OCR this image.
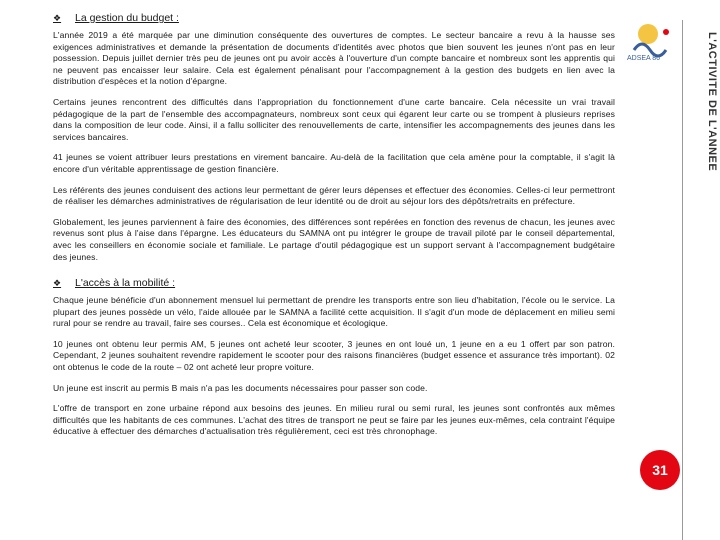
❖	La gestion du budget :

L'année 2019 a été marquée par une diminution conséquente des ouvertures de comptes. Le secteur bancaire a revu à la hausse ses exigences administratives et demande la présentation de documents d'identités avec photos que bien souvent les jeunes n'ont pas en leur possession. Depuis juillet dernier très peu de jeunes ont pu avoir accès à l'ouverture d'un compte bancaire et nombreux sont les apprentis qui ne peuvent pas encaisser leur salaire. Cela est également pénalisant pour l'accompagnement à la gestion des budgets en lien avec la distribution d'espèces et la notion d'épargne.

Certains jeunes rencontrent des difficultés dans l'appropriation du fonctionnement d'une carte bancaire. Cela nécessite un vrai travail pédagogique de la part de l'ensemble des accompagnateurs, nombreux sont ceux qui égarent leur carte ou se trompent à plusieurs reprises dans la composition de leur code. Ainsi, il a fallu solliciter des renouvellements de carte, intensifier les accompagnements des jeunes dans les services bancaires.

41 jeunes se voient attribuer leurs prestations en virement bancaire. Au-delà de la facilitation que cela amène pour la comptable, il s'agit là encore d'un véritable apprentissage de gestion financière.

Les référents des jeunes conduisent des actions leur permettant de gérer leurs dépenses et effectuer des économies. Celles-ci leur permettront de réaliser les démarches administratives de régularisation de leur identité ou de droit au séjour lors des dépôts/retraits en préfecture.

Globalement, les jeunes parviennent à faire des économies, des différences sont repérées en fonction des revenus de chacun, les jeunes avec revenus sont plus à l'aise dans l'épargne. Les éducateurs du SAMNA ont pu intégrer le groupe de travail piloté par le conseil départemental, avec les conseillers en économie sociale et familiale. Le partage d'outil pédagogique est un support servant à l'accompagnement budgétaire des jeunes.

❖	L'accès à la mobilité :

Chaque jeune bénéficie d'un abonnement mensuel lui permettant de prendre les transports entre son lieu d'habitation, l'école ou le service. La plupart des jeunes possède un vélo, l'aide allouée par le SAMNA a facilité cette acquisition. Il s'agit d'un mode de déplacement en milieu semi rural pour se rendre au travail, faire ses courses.. Cela est économique et écologique.

10 jeunes ont obtenu leur permis AM, 5 jeunes ont acheté leur scooter, 3 jeunes en ont loué un, 1 jeune en a eu 1 offert par son patron. Cependant, 2 jeunes souhaitent revendre rapidement le scooter pour des raisons financières (budget essence et assurance très important). 02 ont obtenus le code de la route – 02 ont acheté leur propre voiture.

Un jeune est inscrit au permis B mais n'a pas les documents nécessaires pour passer son code.

L'offre de transport en zone urbaine répond aux besoins des jeunes. En milieu rural ou semi rural, les jeunes sont confrontés aux mêmes difficultés que les habitants de ces communes. L'achat des titres de transport ne peut se faire par les jeunes eux-mêmes, cela contraint l'équipe éducative à effectuer des démarches d'actualisation très régulièrement, ceci est très chronophage.

ADSEA 86	L'ACTIVITE DE L'ANNEE
31
